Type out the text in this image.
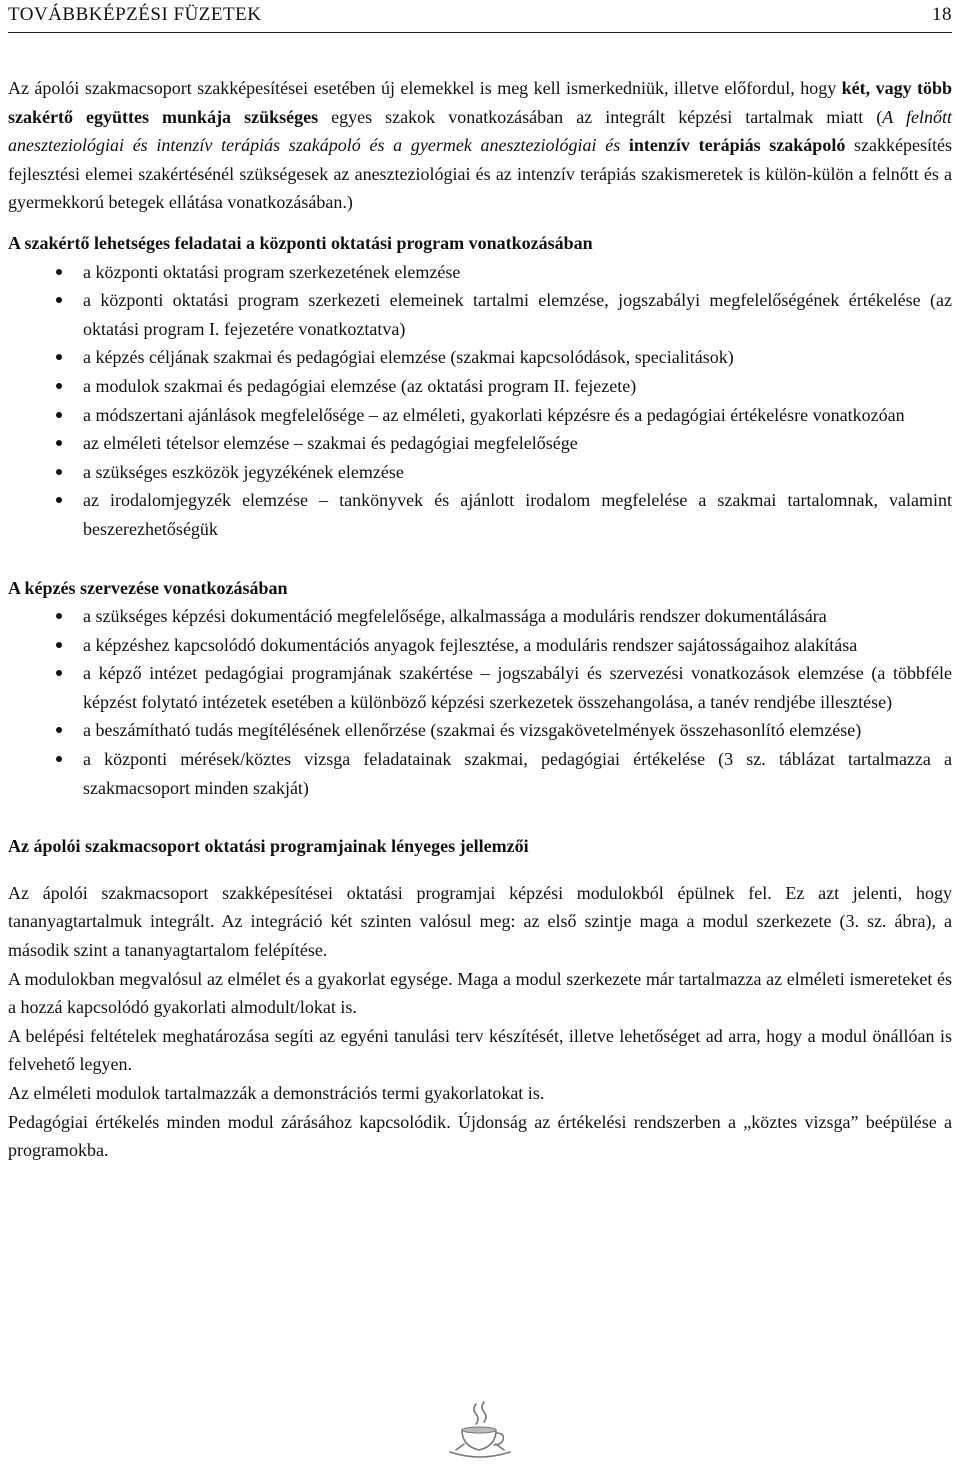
TOVÁBBKÉPZÉSI FÜZETEK	18

Az ápolói szakmacsoport szakképesítései esetében új elemekkel is meg kell ismerkedniük, illetve előfordul, hogy két, vagy több szakértő együttes munkája szükséges egyes szakok vonatkozásában az integrált képzési tartalmak miatt (A felnőtt aneszteziológiai és intenzív terápiás szakápoló és a gyermek aneszteziológiai és intenzív terápiás szakápoló szakképesítés fejlesztési elemei szakértésénél szükségesek az aneszteziológiai és az intenzív terápiás szakismeretek is külön-külön a felnőtt és a gyermekkorú betegek ellátása vonatkozásában.)

A szakértő lehetséges feladatai a központi oktatási program vonatkozásában

a központi oktatási program szerkezetének elemzése
a központi oktatási program szerkezeti elemeinek tartalmi elemzése, jogszabályi megfelelőségének értékelése (az oktatási program I. fejezetére vonatkoztatva)
a képzés céljának szakmai és pedagógiai elemzése (szakmai kapcsolódások, specialitások)
a modulok szakmai és pedagógiai elemzése (az oktatási program II. fejezete)
a módszertani ajánlások megfelelősége – az elméleti, gyakorlati képzésre és a pedagógiai értékelésre vonatkozóan
az elméleti tételsor elemzése – szakmai és pedagógiai megfelelősége
a szükséges eszközök jegyzékének elemzése
az irodalomjegyzék elemzése – tankönyvek és ajánlott irodalom megfelelése a szakmai tartalomnak, valamint beszerezhetőségük

A képzés szervezése vonatkozásában

a szükséges képzési dokumentáció megfelelősége, alkalmassága a moduláris rendszer dokumentálására
a képzéshez kapcsolódó dokumentációs anyagok fejlesztése, a moduláris rendszer sajátosságaihoz alakítása
a képző intézet pedagógiai programjának szakértése – jogszabályi és szervezési vonatkozások elemzése (a többféle képzést folytató intézetek esetében a különböző képzési szerkezetek összehangolása, a tanév rendjébe illesztése)
a beszámítható tudás megítélésének ellenőrzése (szakmai és vizsgakövetelmények összehasonlító elemzése)
a központi mérések/köztes vizsga feladatainak szakmai, pedagógiai értékelése (3 sz. táblázat tartalmazza a szakmacsoport minden szakját)

Az ápolói szakmacsoport oktatási programjainak lényeges jellemzői

Az ápolói szakmacsoport szakképesítései oktatási programjai képzési modulokból épülnek fel. Ez azt jelenti, hogy tananyagtartalmuk integrált. Az integráció két szinten valósul meg: az első szintje maga a modul szerkezete (3. sz. ábra), a második szint a tananyagtartalom felépítése.

A modulokban megvalósul az elmélet és a gyakorlat egysége. Maga a modul szerkezete már tartalmazza az elméleti ismereteket és a hozzá kapcsolódó gyakorlati almodult/lokat is.

A belépési feltételek meghatározása segíti az egyéni tanulási terv készítését, illetve lehetőséget ad arra, hogy a modul önállóan is felvehető legyen.

Az elméleti modulok tartalmazzák a demonstrációs termi gyakorlatokat is.

Pedagógiai értékelés minden modul zárásához kapcsolódik. Újdonság az értékelési rendszerben a „köztes vizsga” beépülése a programokba.
